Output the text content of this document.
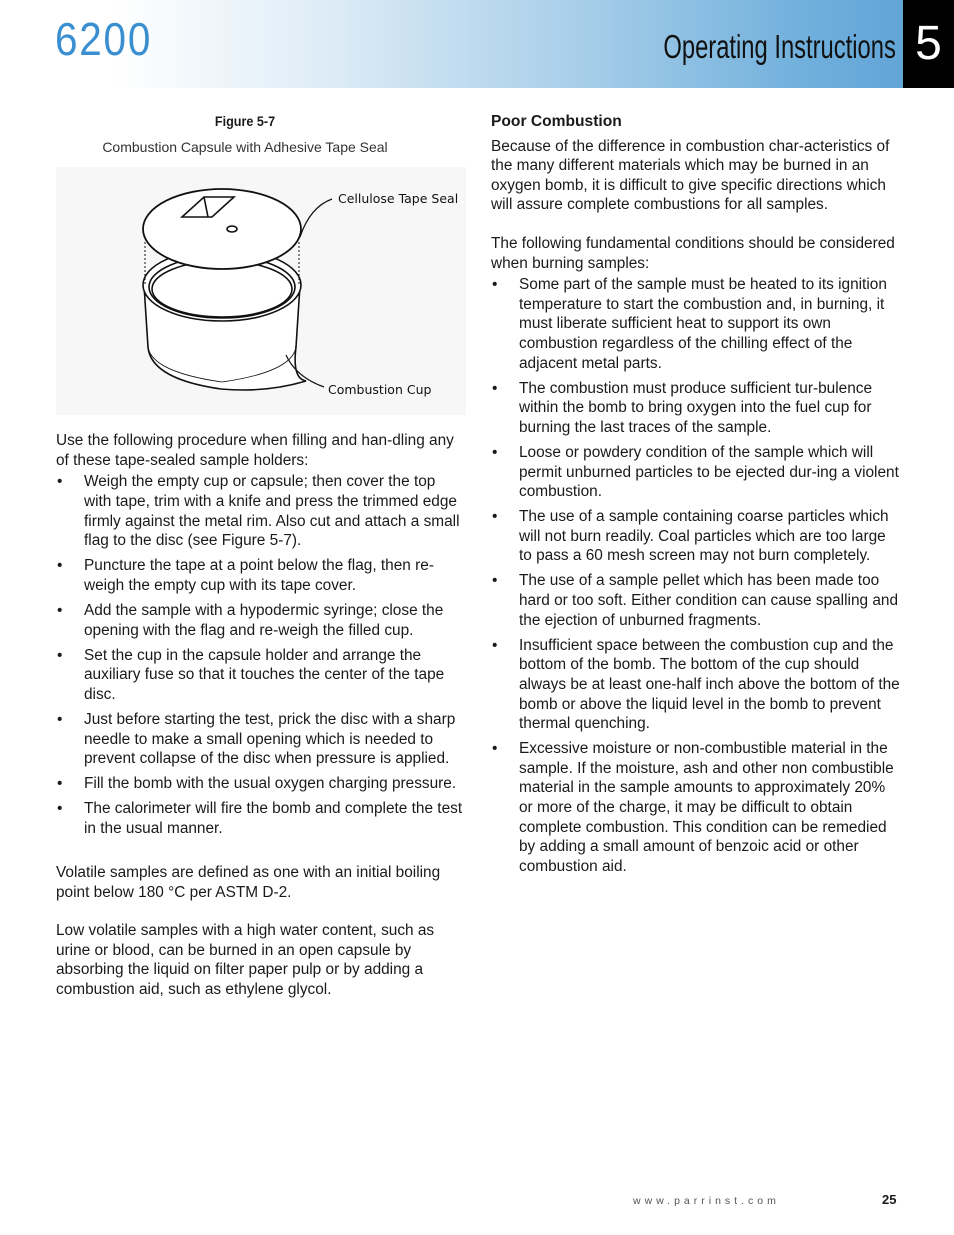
6200	Operating Instructions 5
Figure 5-7
Combustion Capsule with Adhesive Tape Seal
Cellulose Tape Seal
Combustion Cup

Use the following procedure when filling and han-dling any of these tape-sealed sample holders:

• Weigh the empty cup or capsule; then cover the top with tape, trim with a knife and press the trimmed edge firmly against the metal rim. Also cut and attach a small flag to the disc (see Figure 5-7).
• Puncture the tape at a point below the flag, then re-weigh the empty cup with its tape cover.
• Add the sample with a hypodermic syringe; close the opening with the flag and re-weigh the filled cup.
• Set the cup in the capsule holder and arrange the auxiliary fuse so that it touches the center of the tape disc.
• Just before starting the test, prick the disc with a sharp needle to make a small opening which is needed to prevent collapse of the disc when pressure is applied.
• Fill the bomb with the usual oxygen charging pressure.
• The calorimeter will fire the bomb and complete the test in the usual manner.

Volatile samples are defined as one with an initial boiling point below 180 °C per ASTM D-2.

Low volatile samples with a high water content, such as urine or blood, can be burned in an open capsule by absorbing the liquid on filter paper pulp or by adding a combustion aid, such as ethylene glycol.

Poor Combustion

Because of the difference in combustion char-acteristics of the many different materials which may be burned in an oxygen bomb, it is difficult to give specific directions which will assure complete combustions for all samples.

The following fundamental conditions should be considered when burning samples:

• Some part of the sample must be heated to its ignition temperature to start the combustion and, in burning, it must liberate sufficient heat to support its own combustion regardless of the chilling effect of the adjacent metal parts.
• The combustion must produce sufficient tur-bulence within the bomb to bring oxygen into the fuel cup for burning the last traces of the sample.
• Loose or powdery condition of the sample which will permit unburned particles to be ejected dur-ing a violent combustion.
• The use of a sample containing coarse particles which will not burn readily. Coal particles which are too large to pass a 60 mesh screen may not burn completely.
• The use of a sample pellet which has been made too hard or too soft. Either condition can cause spalling and the ejection of unburned fragments.
• Insufficient space between the combustion cup and the bottom of the bomb. The bottom of the cup should always be at least one-half inch above the bottom of the bomb or above the liquid level in the bomb to prevent thermal quenching.
• Excessive moisture or non-combustible material in the sample. If the moisture, ash and other non combustible material in the sample amounts to approximately 20% or more of the charge, it may be difficult to obtain complete combustion. This condition can be remedied by adding a small amount of benzoic acid or other combustion aid.
www.parrinst.com	25
